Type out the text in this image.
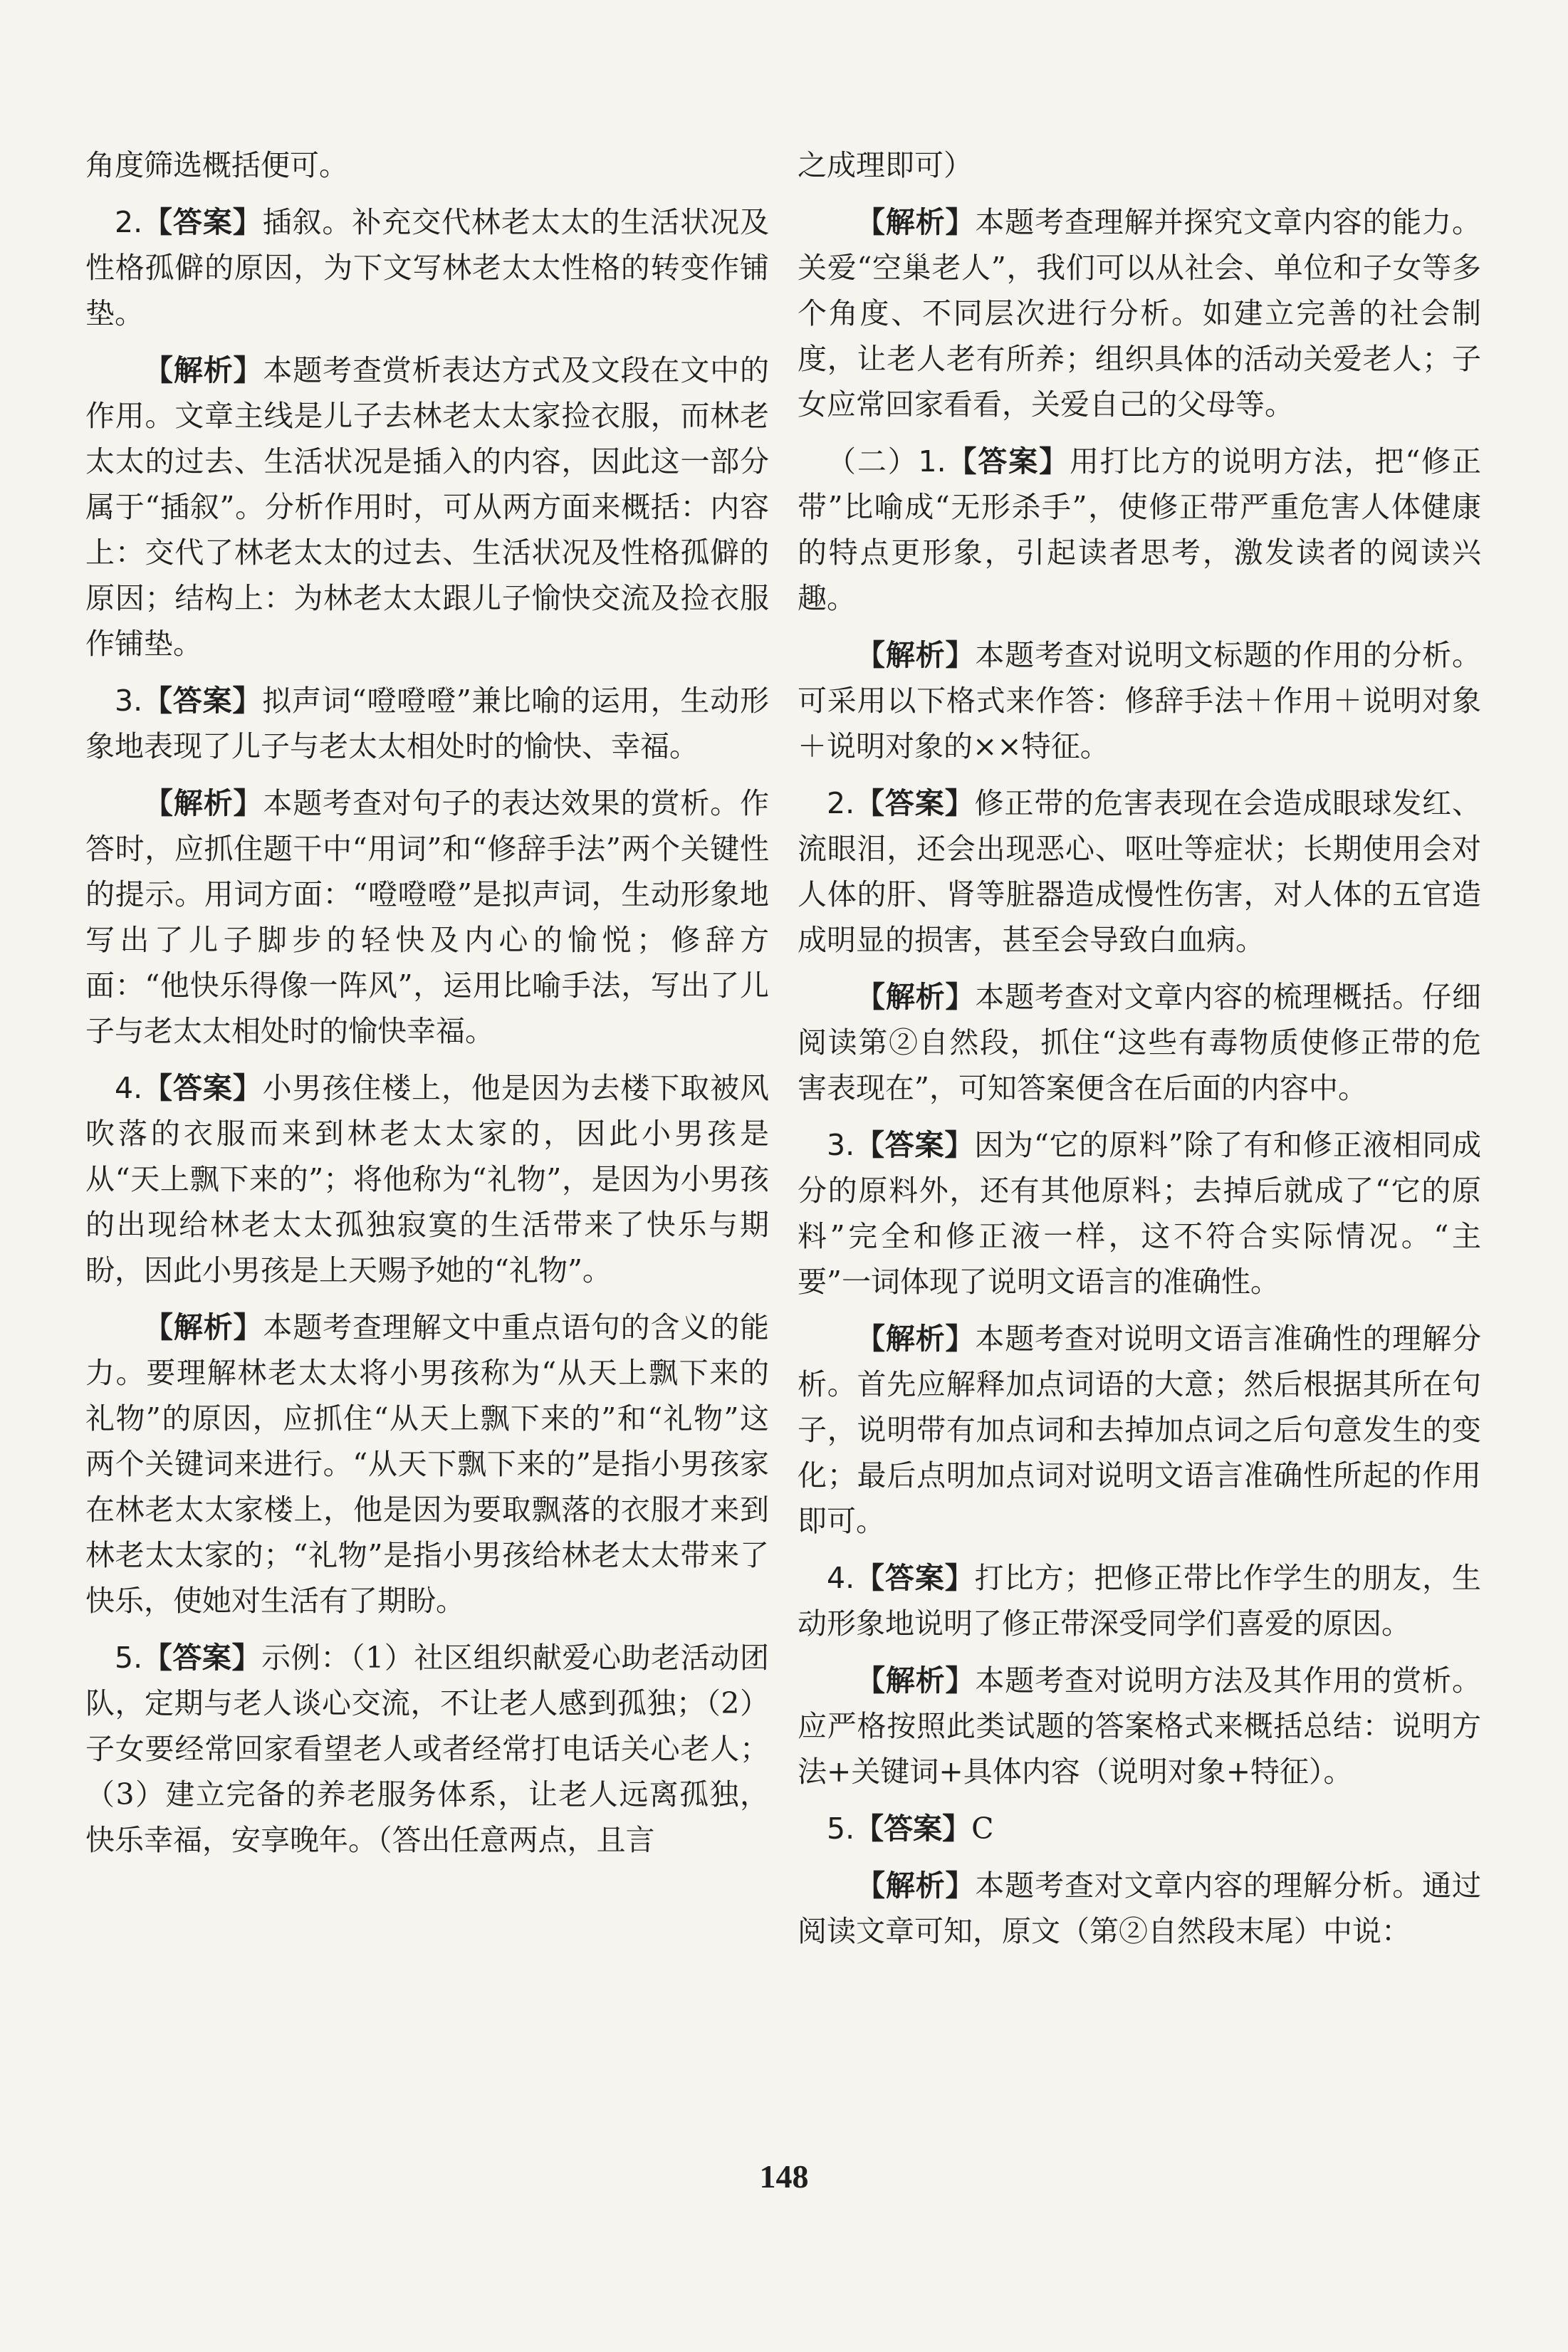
角度筛选概括便可。

2.【答案】插叙。补充交代林老太太的生活状况及性格孤僻的原因，为下文写林老太太性格的转变作铺垫。

【解析】本题考查赏析表达方式及文段在文中的作用。文章主线是儿子去林老太太家捡衣服，而林老太太的过去、生活状况是插入的内容，因此这一部分属于“插叙”。分析作用时，可从两方面来概括：内容上：交代了林老太太的过去、生活状况及性格孤僻的原因；结构上：为林老太太跟儿子愉快交流及捡衣服作铺垫。

3.【答案】拟声词“噔噔噔”兼比喻的运用，生动形象地表现了儿子与老太太相处时的愉快、幸福。

【解析】本题考查对句子的表达效果的赏析。作答时，应抓住题干中“用词”和“修辞手法”两个关键性的提示。用词方面：“噔噔噔”是拟声词，生动形象地写出了儿子脚步的轻快及内心的愉悦；修辞方面：“他快乐得像一阵风”，运用比喻手法，写出了儿子与老太太相处时的愉快幸福。

4.【答案】小男孩住楼上，他是因为去楼下取被风吹落的衣服而来到林老太太家的，因此小男孩是从“天上飘下来的”；将他称为“礼物”，是因为小男孩的出现给林老太太孤独寂寞的生活带来了快乐与期盼，因此小男孩是上天赐予她的“礼物”。

【解析】本题考查理解文中重点语句的含义的能力。要理解林老太太将小男孩称为“从天上飘下来的礼物”的原因，应抓住“从天上飘下来的”和“礼物”这两个关键词来进行。“从天下飘下来的”是指小男孩家在林老太太家楼上，他是因为要取飘落的衣服才来到林老太太家的；“礼物”是指小男孩给林老太太带来了快乐，使她对生活有了期盼。

5.【答案】示例：（1）社区组织献爱心助老活动团队，定期与老人谈心交流，不让老人感到孤独；（2）子女要经常回家看望老人或者经常打电话关心老人；（3）建立完备的养老服务体系，让老人远离孤独，快乐幸福，安享晚年。（答出任意两点，且言

之成理即可）

【解析】本题考查理解并探究文章内容的能力。关爱“空巢老人”，我们可以从社会、单位和子女等多个角度、不同层次进行分析。如建立完善的社会制度，让老人老有所养；组织具体的活动关爱老人；子女应常回家看看，关爱自己的父母等。

（二）1.【答案】用打比方的说明方法，把“修正带”比喻成“无形杀手”，使修正带严重危害人体健康的特点更形象，引起读者思考，激发读者的阅读兴趣。

【解析】本题考查对说明文标题的作用的分析。可采用以下格式来作答：修辞手法＋作用＋说明对象＋说明对象的××特征。

2.【答案】修正带的危害表现在会造成眼球发红、流眼泪，还会出现恶心、呕吐等症状；长期使用会对人体的肝、肾等脏器造成慢性伤害，对人体的五官造成明显的损害，甚至会导致白血病。

【解析】本题考查对文章内容的梳理概括。仔细阅读第②自然段，抓住“这些有毒物质使修正带的危害表现在”，可知答案便含在后面的内容中。

3.【答案】因为“它的原料”除了有和修正液相同成分的原料外，还有其他原料；去掉后就成了“它的原料”完全和修正液一样，这不符合实际情况。“主要”一词体现了说明文语言的准确性。

【解析】本题考查对说明文语言准确性的理解分析。首先应解释加点词语的大意；然后根据其所在句子，说明带有加点词和去掉加点词之后句意发生的变化；最后点明加点词对说明文语言准确性所起的作用即可。

4.【答案】打比方；把修正带比作学生的朋友，生动形象地说明了修正带深受同学们喜爱的原因。

【解析】本题考查对说明方法及其作用的赏析。应严格按照此类试题的答案格式来概括总结：说明方法+关键词+具体内容（说明对象+特征）。

5.【答案】C

【解析】本题考查对文章内容的理解分析。通过阅读文章可知，原文（第②自然段末尾）中说：

148
